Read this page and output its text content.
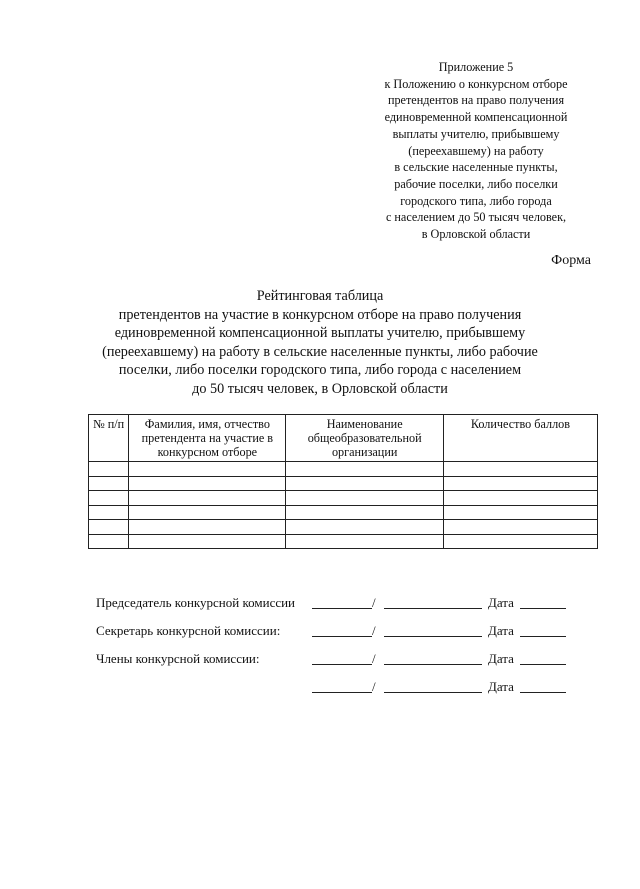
Приложение 5
к Положению о конкурсном отборе
претендентов на право получения
единовременной компенсационной
выплаты учителю, прибывшему
(переехавшему) на работу
в сельские населенные пункты,
рабочие поселки, либо поселки
городского типа, либо города
с населением до 50 тысяч человек,
в Орловской области
Форма
Рейтинговая таблица
претендентов на участие в конкурсном отборе на право получения
единовременной компенсационной выплаты учителю, прибывшему
(переехавшему) на работу в сельские населенные пункты, либо рабочие
поселки, либо поселки городского типа, либо города с населением
до 50 тысяч человек, в Орловской области
№ п/п	Фамилия, имя, отчество претендента на участие в конкурсном отборе	Наименование общеобразовательной организации	Количество баллов

Председатель конкурсной комиссии	/	Дата
Секретарь конкурсной комиссии:	/	Дата
Члены конкурсной комиссии:	/	Дата
/	Дата
